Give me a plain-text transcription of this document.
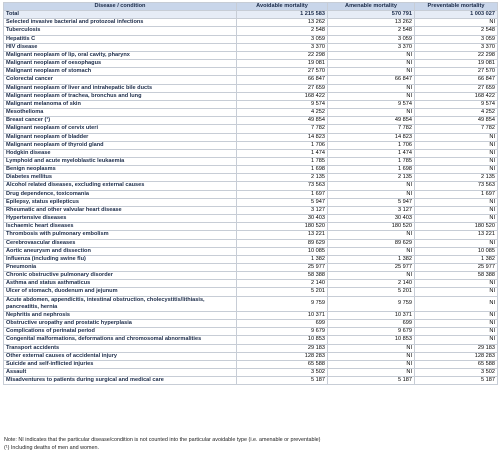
Disease / condition	Avoidable mortality	Amenable mortality	Preventable mortality
Total	1 215 583	570 791	1 003 027
Selected invasive bacterial and protozoal infections	13 262	13 262	NI
Tuberculosis	2 548	2 548	2 548
Hepatitis C	3 059	3 059	3 059
HIV disease	3 370	3 370	3 370
Malignant neoplasm of lip, oral cavity, pharynx	22 298	NI	22 298
Malignant neoplasm of oesophagus	19 081	NI	19 081
Malignant neoplasm of stomach	27 570	NI	27 570
Colorectal cancer	66 847	66 847	66 847
Malignant neoplasm of liver and intrahepatic bile ducts	27 659	NI	27 659
Malignant neoplasm of trachea, bronchus and lung	168 422	NI	168 422
Malignant melanoma of skin	9 574	9 574	9 574
Mesothelioma	4 252	NI	4 252
Breast cancer (¹)	49 854	49 854	49 854
Malignant neoplasm of cervix uteri	7 782	7 782	7 782
Malignant neoplasm of bladder	14 823	14 823	NI
Malignant neoplasm of thyroid gland	1 706	1 706	NI
Hodgkin disease	1 474	1 474	NI
Lymphoid and acute myeloblastic leukaemia	1 785	1 785	NI
Benign neoplasms	1 698	1 698	NI
Diabetes mellitus	2 135	2 135	2 135
Alcohol related diseases, excluding external causes	73 563	NI	73 563
Drug dependence, toxicomania	1 697	NI	1 697
Epilepsy, status epilepticus	5 947	5 947	NI
Rheumatic and other valvular heart disease	3 127	3 127	NI
Hypertensive diseases	30 403	30 403	NI
Ischaemic heart diseases	180 520	180 520	180 520
Thrombosis with pulmonary embolism	13 221	NI	13 221
Cerebrovascular diseases	89 629	89 629	NI
Aortic aneurysm and dissection	10 085	NI	10 085
Influenza (including swine flu)	1 382	1 382	1 382
Pneumonia	25 977	25 977	25 977
Chronic obstructive pulmonary disorder	58 388	NI	58 388
Asthma and status asthmaticus	2 140	2 140	NI
Ulcer of stomach, duodenum and jejunum	5 201	5 201	NI
Acute abdomen, appendicitis, intestinal obstruction, cholecystitis/lithiasis, pancreatitis, hernia	9 759	9 759	NI
Nephritis and nephrosis	10 371	10 371	NI
Obstructive uropathy and prostatic hyperplasia	699	699	NI
Complications of perinatal period	9 679	9 679	NI
Congenital malformations, deformations and chromosomal abnormalities	10 853	10 853	NI
Transport accidents	29 183	NI	29 183
Other external causes of accidental injury	128 283	NI	128 283
Suicide and self-inflicted injuries	65 588	NI	65 588
Assault	3 502	NI	3 502
Misadventures to patients during surgical and medical care	5 187	5 187	5 187
Note: NI indicates that the particular disease/condition is not counted into the particular avoidable type (i.e. amenable or preventable)
(¹) Including deaths of men and women.
